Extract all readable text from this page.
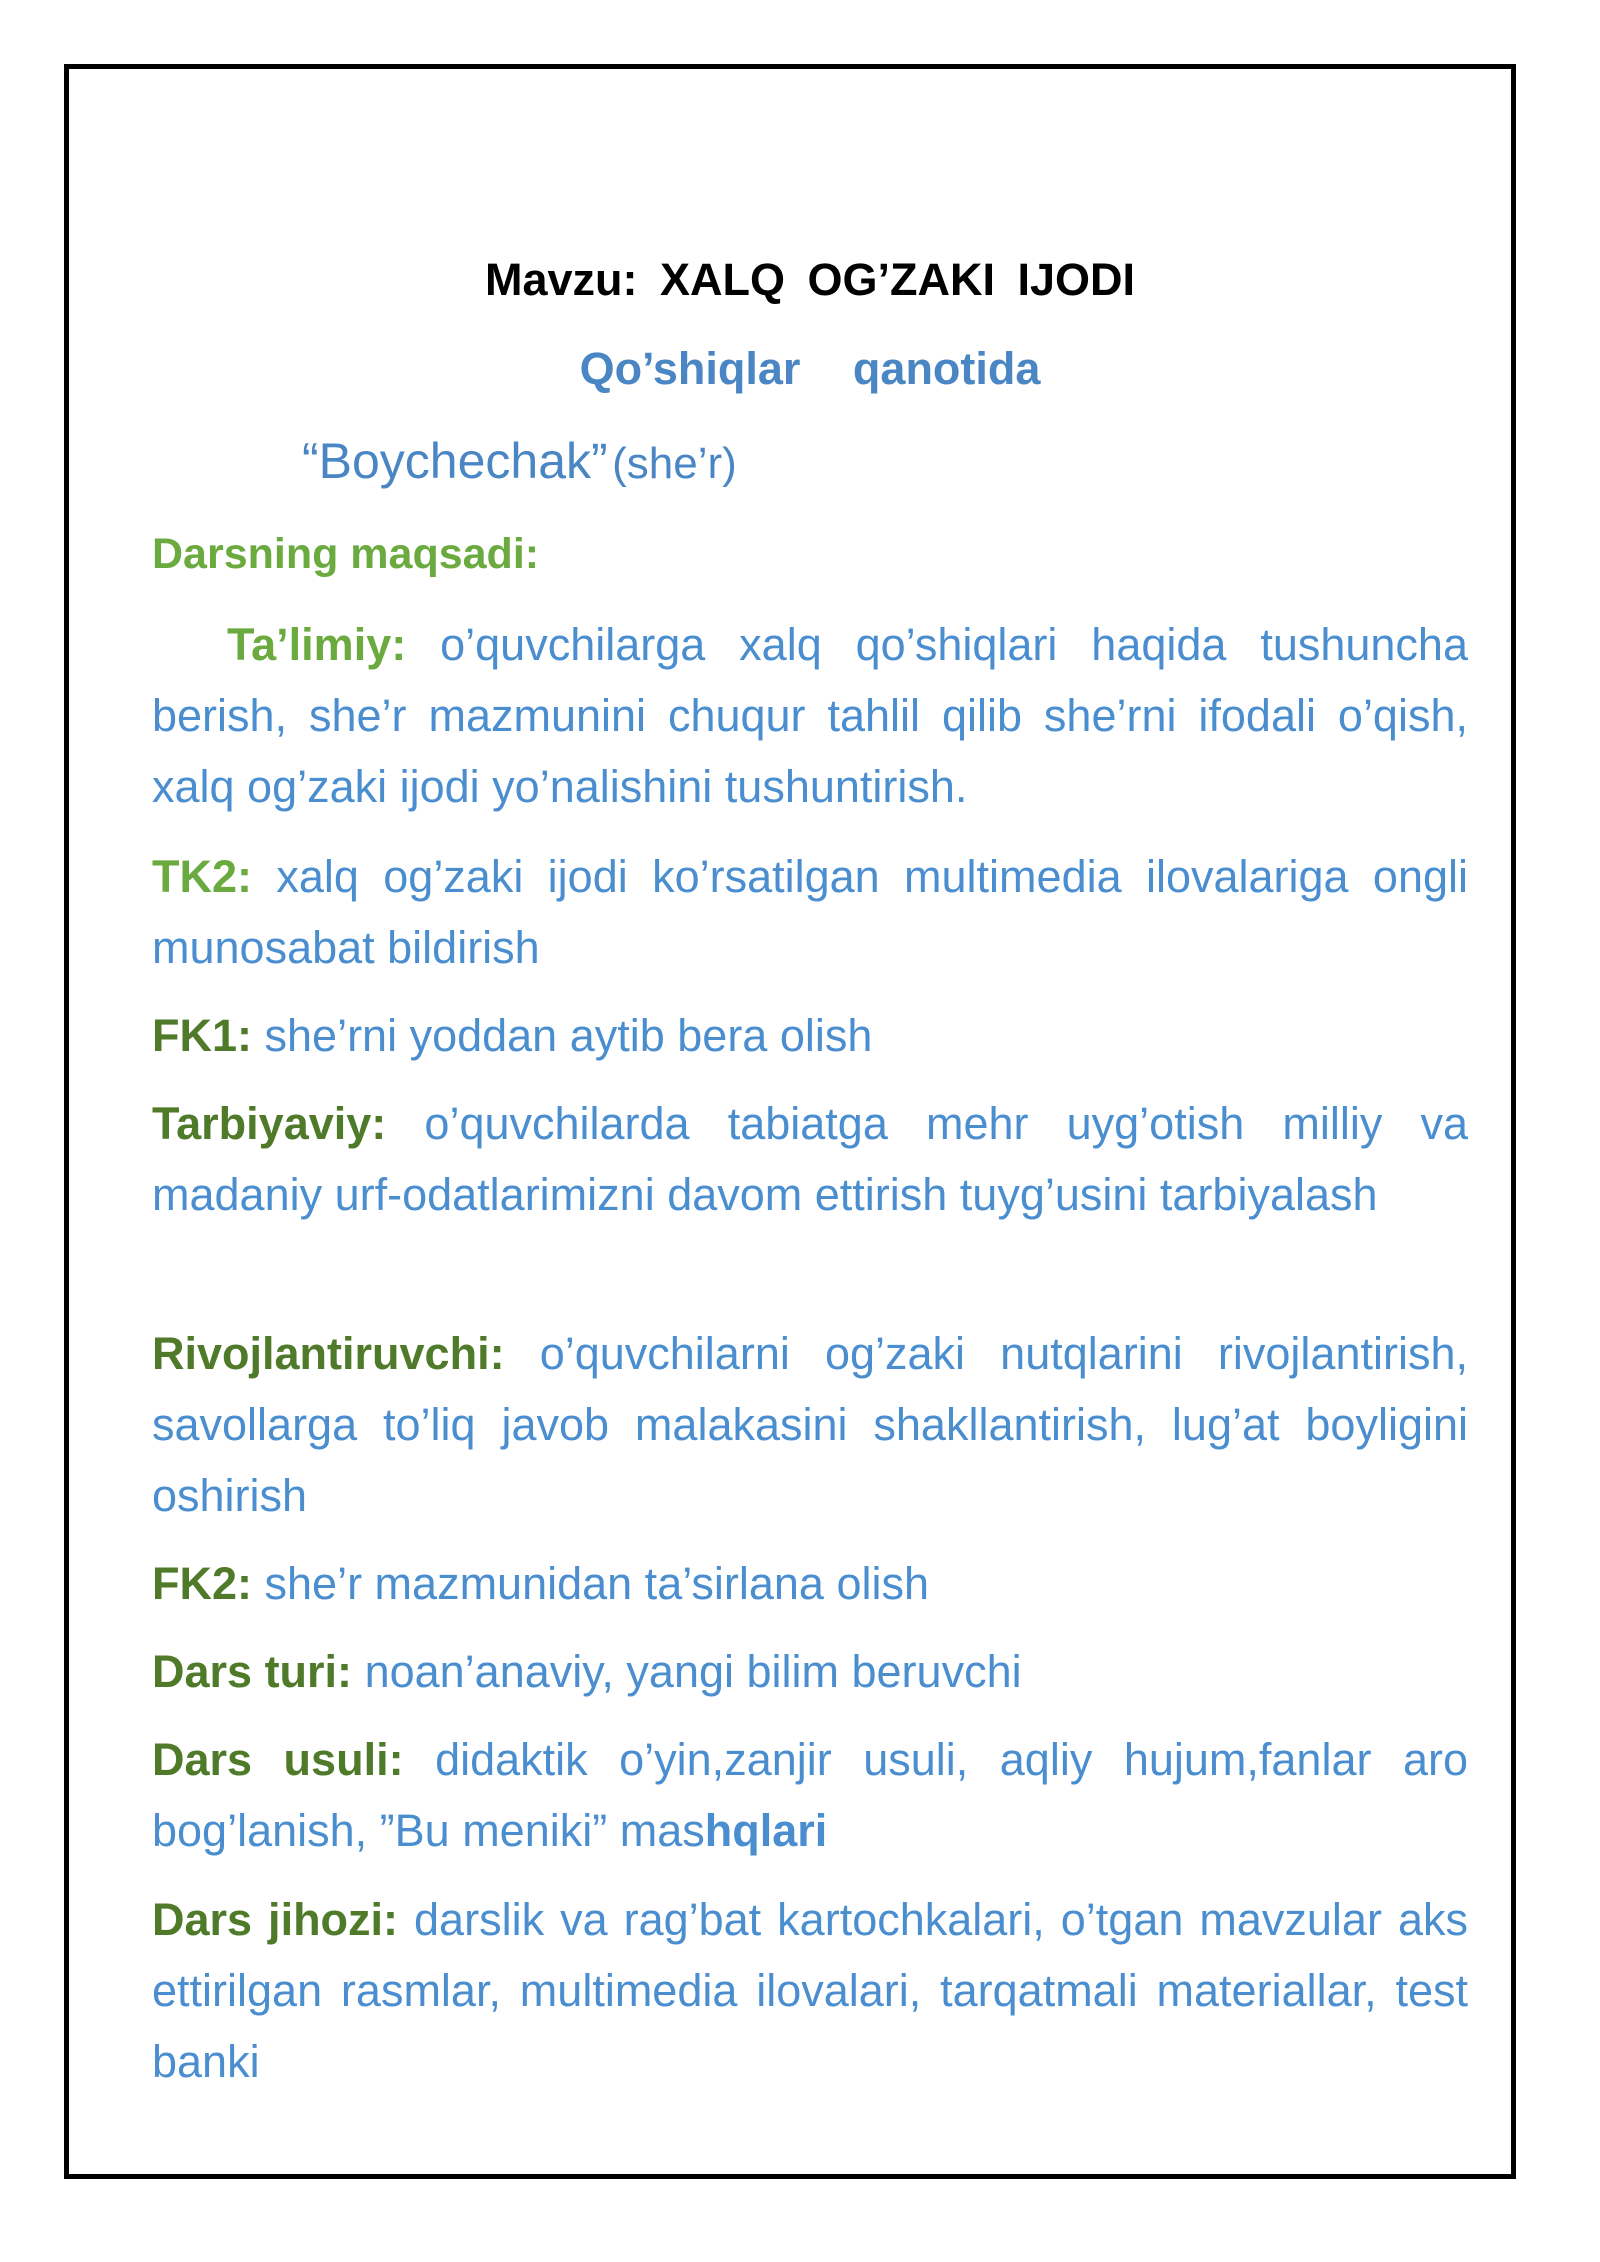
Mavzu: XALQ OG’ZAKI IJODI
Qo’shiqlar qanotida
“Boychechak” (she’r)
Darsning maqsadi:
Ta’limiy: o’quvchilarga xalq qo’shiqlari haqida tushuncha berish, she’r mazmunini chuqur tahlil qilib she’rni ifodali o’qish, xalq og’zaki ijodi yo’nalishini tushuntirish.
TK2: xalq og’zaki ijodi ko’rsatilgan multimedia ilovalariga ongli munosabat bildirish
FK1: she’rni yoddan aytib bera olish
Tarbiyaviy: o’quvchilarda tabiatga mehr uyg’otish milliy va madaniy urf-odatlarimizni davom ettirish tuyg’usini tarbiyalash
Rivojlantiruvchi: o’quvchilarni og’zaki nutqlarini rivojlantirish, savollarga to’liq javob malakasini shakllantirish, lug’at boyligini oshirish
FK2: she’r mazmunidan ta’sirlana olish
Dars turi: noan’anaviy, yangi bilim beruvchi
Dars usuli: didaktik o’yin,zanjir usuli, aqliy hujum,fanlar aro bog’lanish, ”Bu meniki” mashqlari
Dars jihozi: darslik va rag’bat kartochkalari, o’tgan mavzular aks ettirilgan rasmlar, multimedia ilovalari, tarqatmali materiallar, test banki
